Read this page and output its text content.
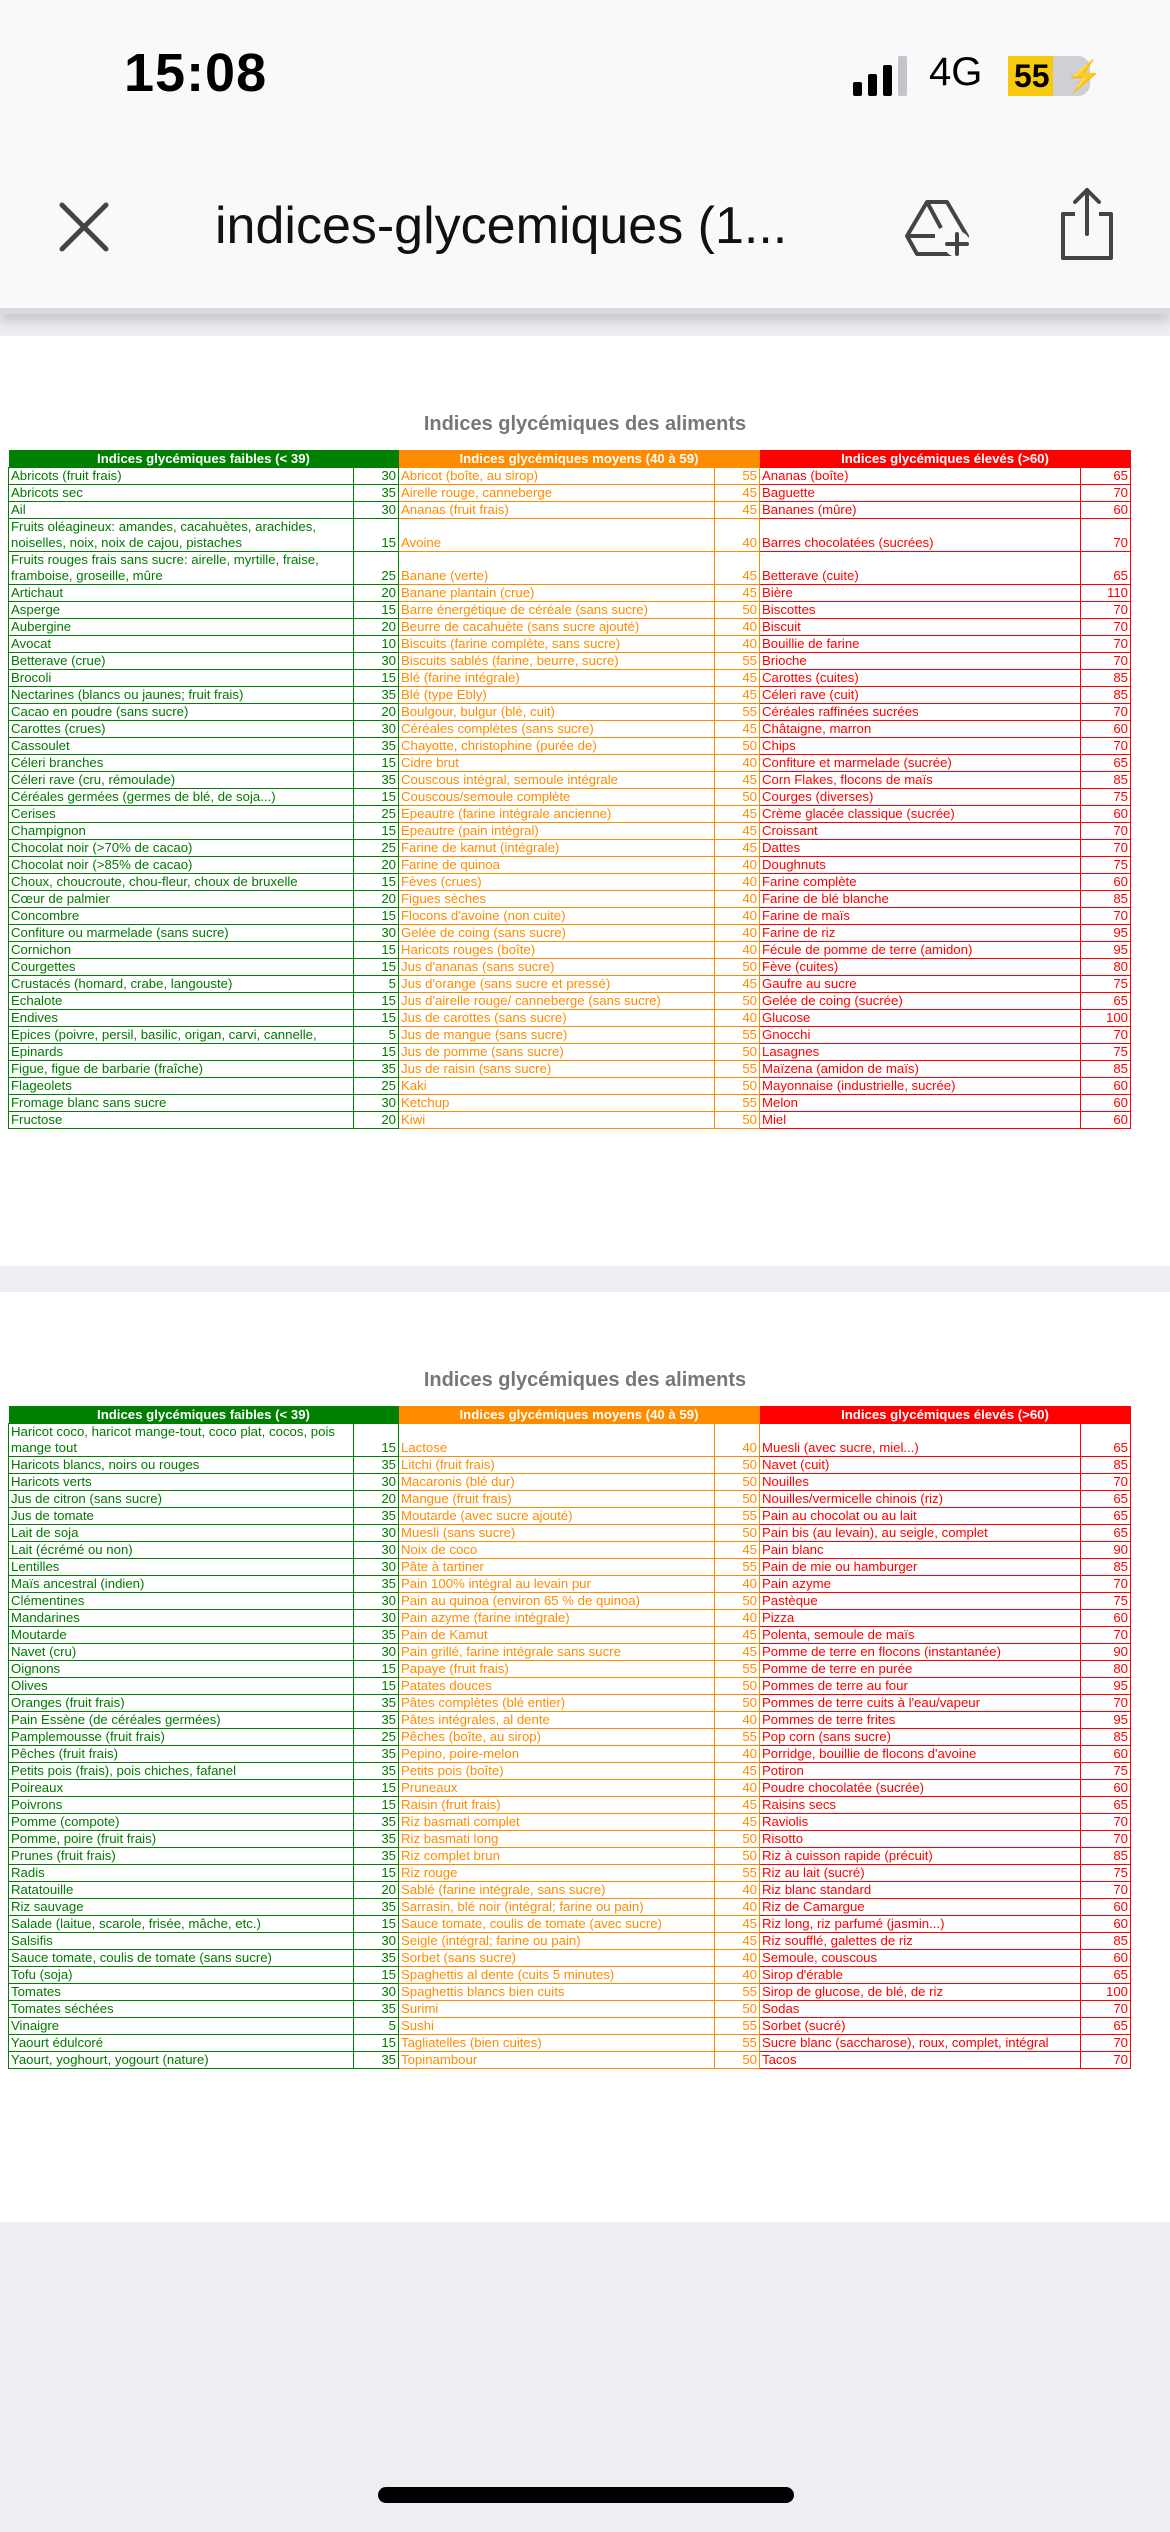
15:08	4G 55 ⚡
indices-glycemiques (1...
Indices glycémiques des aliments
Indices glycémiques faibles (< 39)		Indices glycémiques moyens (40 à 59)		Indices glycémiques élevés (>60)	
Abricots (fruit frais)	30	Abricot (boîte, au sirop)	55	Ananas (boîte)	65
Abricots sec	35	Airelle rouge, canneberge	45	Baguette	70
Ail	30	Ananas (fruit frais)	45	Bananes (mûre)	60
Fruits oléagineux: amandes, cacahuètes, arachides, noiselles, noix, noix de cajou, pistaches	15	Avoine	40	Barres chocolatées (sucrées)	70
Fruits rouges frais sans sucre: airelle, myrtille, fraise, framboise, groseille, mûre	25	Banane (verte)	45	Betterave (cuite)	65
Artichaut	20	Banane plantain (crue)	45	Bière	110
Asperge	15	Barre énergétique de céréale (sans sucre)	50	Biscottes	70
Aubergine	20	Beurre de cacahuète (sans sucre ajouté)	40	Biscuit	70
Avocat	10	Biscuits (farine complète, sans sucre)	40	Bouillie de farine	70
Betterave (crue)	30	Biscuits sablés (farine, beurre, sucre)	55	Brioche	70
Brocoli	15	Blé (farine intégrale)	45	Carottes (cuites)	85
Nectarines (blancs ou jaunes; fruit frais)	35	Blé (type Ebly)	45	Céleri rave (cuit)	85
Cacao en poudre (sans sucre)	20	Boulgour, bulgur (blé, cuit)	55	Céréales raffinées sucrées	70
Carottes (crues)	30	Céréales complètes (sans sucre)	45	Châtaigne, marron	60
Cassoulet	35	Chayotte, christophine (purée de)	50	Chips	70
Céleri branches	15	Cidre brut	40	Confiture et marmelade (sucrée)	65
Céleri rave (cru, rémoulade)	35	Couscous intégral, semoule intégrale	45	Corn Flakes, flocons de maïs	85
Céréales germées (germes de blé, de soja...)	15	Couscous/semoule complète	50	Courges (diverses)	75
Cerises	25	Epeautre (farine intégrale ancienne)	45	Crème glacée classique (sucrée)	60
Champignon	15	Epeautre (pain intégral)	45	Croissant	70
Chocolat noir (>70% de cacao)	25	Farine de kamut (intégrale)	45	Dattes	70
Chocolat noir (>85% de cacao)	20	Farine de quinoa	40	Doughnuts	75
Choux, choucroute, chou-fleur, choux de bruxelle	15	Fèves (crues)	40	Farine complète	60
Cœur de palmier	20	Figues sèches	40	Farine de blé blanche	85
Concombre	15	Flocons d'avoine (non cuite)	40	Farine de maïs	70
Confiture ou marmelade (sans sucre)	30	Gelée de coing (sans sucre)	40	Farine de riz	95
Cornichon	15	Haricots rouges (boîte)	40	Fécule de pomme de terre (amidon)	95
Courgettes	15	Jus d'ananas (sans sucre)	50	Fève (cuites)	80
Crustacés (homard, crabe, langouste)	5	Jus d'orange (sans sucre et pressé)	45	Gaufre au sucre	75
Echalote	15	Jus d'airelle rouge/ canneberge (sans sucre)	50	Gelée de coing (sucrée)	65
Endives	15	Jus de carottes (sans sucre)	40	Glucose	100
Epices (poivre, persil, basilic, origan, carvi, cannelle,	5	Jus de mangue (sans sucre)	55	Gnocchi	70
Epinards	15	Jus de pomme (sans sucre)	50	Lasagnes	75
Figue, figue de barbarie (fraîche)	35	Jus de raisin (sans sucre)	55	Maïzena (amidon de maïs)	85
Flageolets	25	Kaki	50	Mayonnaise (industrielle, sucrée)	60
Fromage blanc sans sucre	30	Ketchup	55	Melon	60
Fructose	20	Kiwi	50	Miel	60
Indices glycémiques des aliments
Indices glycémiques faibles (< 39)		Indices glycémiques moyens (40 à 59)		Indices glycémiques élevés (>60)	
Haricot coco, haricot mange-tout, coco plat, cocos, pois mange tout	15	Lactose	40	Muesli (avec sucre, miel...)	65
Haricots blancs, noirs ou rouges	35	Litchi (fruit frais)	50	Navet (cuit)	85
Haricots verts	30	Macaronis (blé dur)	50	Nouilles	70
Jus de citron (sans sucre)	20	Mangue (fruit frais)	50	Nouilles/vermicelle chinois (riz)	65
Jus de tomate	35	Moutarde (avec sucre ajouté)	55	Pain au chocolat ou au lait	65
Lait de soja	30	Muesli (sans sucre)	50	Pain bis (au levain), au seigle, complet	65
Lait (écrémé ou non)	30	Noix de coco	45	Pain blanc	90
Lentilles	30	Pâte à tartiner	55	Pain de mie ou hamburger	85
Maïs ancestral (indien)	35	Pain 100% intégral au levain pur	40	Pain azyme	70
Clémentines	30	Pain au quinoa (environ 65 % de quinoa)	50	Pastèque	75
Mandarines	30	Pain azyme (farine intégrale)	40	Pizza	60
Moutarde	35	Pain de Kamut	45	Polenta, semoule de maïs	70
Navet (cru)	30	Pain grillé, farine intégrale sans sucre	45	Pomme de terre en flocons (instantanée)	90
Oignons	15	Papaye (fruit frais)	55	Pomme de terre en purée	80
Olives	15	Patates douces	50	Pommes de terre au four	95
Oranges (fruit frais)	35	Pâtes complètes (blé entier)	50	Pommes de terre cuits à l'eau/vapeur	70
Pain Essène (de céréales germées)	35	Pâtes intégrales, al dente	40	Pommes de terre frites	95
Pamplemousse (fruit frais)	25	Pêches (boîte, au sirop)	55	Pop corn (sans sucre)	85
Pêches (fruit frais)	35	Pepino, poire-melon	40	Porridge, bouillie de flocons d'avoine	60
Petits pois (frais), pois chiches, fafanel	35	Petits pois (boîte)	45	Potiron	75
Poireaux	15	Pruneaux	40	Poudre chocolatée (sucrée)	60
Poivrons	15	Raisin (fruit frais)	45	Raisins secs	65
Pomme (compote)	35	Riz basmati complet	45	Raviolis	70
Pomme, poire (fruit frais)	35	Riz basmati long	50	Risotto	70
Prunes (fruit frais)	35	Riz complet brun	50	Riz à cuisson rapide (précuit)	85
Radis	15	Riz rouge	55	Riz au lait (sucré)	75
Ratatouille	20	Sablé (farine intégrale, sans sucre)	40	Riz blanc standard	70
Riz sauvage	35	Sarrasin, blé noir (intégral; farine ou pain)	40	Riz de Camargue	60
Salade (laitue, scarole, frisée, mâche, etc.)	15	Sauce tomate, coulis de tomate (avec sucre)	45	Riz long, riz parfumé (jasmin...)	60
Salsifis	30	Seigle (intégral; farine ou pain)	45	Riz soufflé, galettes de riz	85
Sauce tomate, coulis de tomate (sans sucre)	35	Sorbet (sans sucre)	40	Semoule, couscous	60
Tofu (soja)	15	Spaghettis al dente (cuits 5 minutes)	40	Sirop d'érable	65
Tomates	30	Spaghettis blancs bien cuits	55	Sirop de glucose, de blé, de riz	100
Tomates séchées	35	Surimi	50	Sodas	70
Vinaigre	5	Sushi	55	Sorbet (sucré)	65
Yaourt édulcoré	15	Tagliatelles (bien cuites)	55	Sucre blanc (saccharose), roux, complet, intégral	70
Yaourt, yoghourt, yogourt (nature)	35	Topinambour	50	Tacos	70
